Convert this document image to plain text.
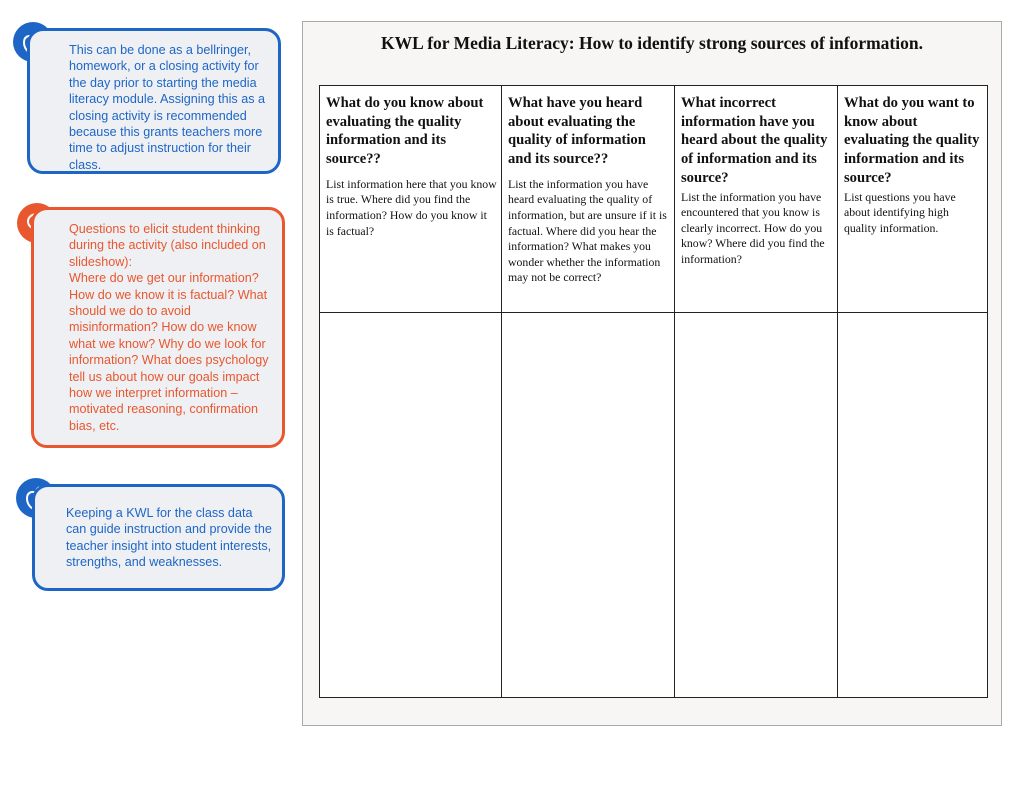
This can be done as a bellringer, homework, or a closing activity for the day prior to starting the media literacy module. Assigning this as a closing activity is recommended because this grants teachers more time to adjust instruction for their class.

Questions to elicit student thinking during the activity (also included on slideshow):

Where do we get our information? How do we know it is factual? What should we do to avoid misinformation? How do we know what we know? Why do we look for information? What does psychology tell us about how our goals impact how we interpret information – motivated reasoning, confirmation bias, etc.

Keeping a KWL for the class data can guide instruction and provide the teacher insight into student interests, strengths, and weaknesses.

KWL for Media Literacy: How to identify strong sources of information.

What do you know about evaluating the quality information and its source??

List information here that you know is true. Where did you find the information? How do you know it is factual?

What have you heard about evaluating the quality of information and its source??

List the information you have heard evaluating the quality of information, but are unsure if it is factual. Where did you hear the information? What makes you wonder whether the information may not be correct?

What incorrect information have you heard about the quality of information and its source?

List the information you have encountered that you know is clearly incorrect. How do you know? Where did you find the information?

What do you want to know about evaluating the quality information and its source?

List questions you have about identifying high quality information.
